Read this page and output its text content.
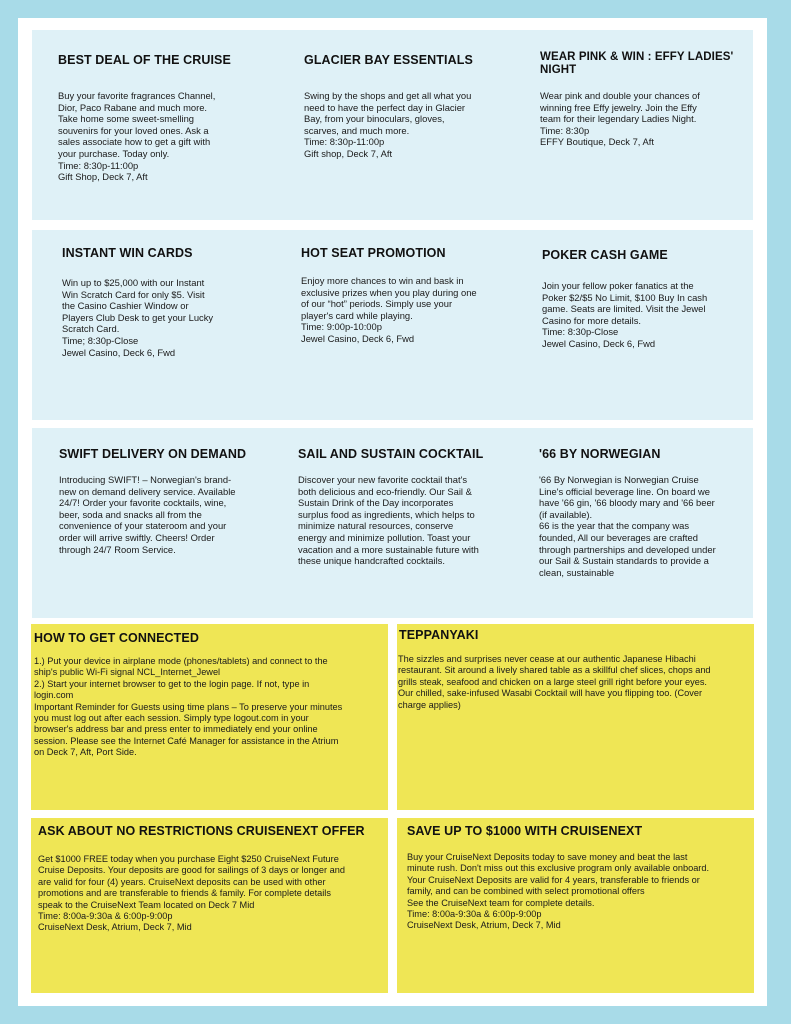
BEST DEAL OF THE CRUISE

Buy your favorite fragrances Channel,
Dior, Paco Rabane and much more.
Take home some sweet-smelling
souvenirs for your loved ones. Ask a
sales associate how to get a gift with
your purchase. Today only.
Time: 8:30p-11:00p
Gift Shop, Deck 7, Aft

GLACIER BAY ESSENTIALS

Swing by the shops and get all what you
need to have the perfect day in Glacier
Bay, from your binoculars, gloves,
scarves, and much more.
Time: 8:30p-11:00p
Gift shop, Deck 7, Aft

WEAR PINK & WIN : EFFY LADIES' NIGHT

Wear pink and double your chances of
winning free Effy jewelry. Join the Effy
team for their legendary Ladies Night.
Time: 8:30p
EFFY Boutique, Deck 7, Aft

INSTANT WIN CARDS

Win up to $25,000 with our Instant
Win Scratch Card for only $5. Visit
the Casino Cashier Window or
Players Club Desk to get your Lucky
Scratch Card.
Time; 8:30p-Close
Jewel Casino, Deck 6, Fwd

HOT SEAT PROMOTION

Enjoy more chances to win and bask in
exclusive prizes when you play during one
of our “hot” periods. Simply use your
player's card while playing.
Time: 9:00p-10:00p
Jewel Casino, Deck 6, Fwd

POKER CASH GAME

Join your fellow poker fanatics at the
Poker $2/$5 No Limit, $100 Buy In cash
game. Seats are limited. Visit the Jewel
Casino for more details.
Time: 8:30p-Close
Jewel Casino, Deck 6, Fwd

SWIFT DELIVERY ON DEMAND

Introducing SWIFT! – Norwegian's brand-
new on demand delivery service. Available
24/7! Order your favorite cocktails, wine,
beer, soda and snacks all from the
convenience of your stateroom and your
order will arrive swiftly. Cheers! Order
through 24/7 Room Service.

SAIL AND SUSTAIN COCKTAIL

Discover your new favorite cocktail that's
both delicious and eco-friendly. Our Sail &
Sustain Drink of the Day incorporates
surplus food as ingredients, which helps to
minimize natural resources, conserve
energy and minimize pollution. Toast your
vacation and a more sustainable future with
these unique handcrafted cocktails.

'66 BY NORWEGIAN

'66 By Norwegian is Norwegian Cruise
Line's official beverage line. On board we
have '66 gin, '66 bloody mary and '66 beer
(if available).
66 is the year that the company was
founded, All our beverages are crafted
through partnerships and developed under
our Sail & Sustain standards to provide a
clean, sustainable

HOW TO GET CONNECTED

1.) Put your device in airplane mode (phones/tablets) and connect to the
ship's public Wi-Fi signal NCL_Internet_Jewel
2.) Start your internet browser to get to the login page. If not, type in
login.com
Important Reminder for Guests using time plans – To preserve your minutes
you must log out after each session. Simply type logout.com in your
browser's address bar and press enter to immediately end your online
session. Please see the Internet Café Manager for assistance in the Atrium
on Deck 7, Aft, Port Side.

TEPPANYAKI

The sizzles and surprises never cease at our authentic Japanese Hibachi
restaurant. Sit around a lively shared table as a skillful chef slices, chops and
grills steak, seafood and chicken on a large steel grill right before your eyes.
Our chilled, sake-infused Wasabi Cocktail will have you flipping too. (Cover
charge applies)

ASK ABOUT NO RESTRICTIONS CRUISENEXT OFFER

Get $1000 FREE today when you purchase Eight $250 CruiseNext Future
Cruise Deposits. Your deposits are good for sailings of 3 days or longer and
are valid for four (4) years. CruiseNext deposits can be used with other
promotions and are transferable to friends & family. For complete details
speak to the CruiseNext Team located on Deck 7 Mid
Time: 8:00a-9:30a & 6:00p-9:00p
CruiseNext Desk, Atrium, Deck 7, Mid

SAVE UP TO $1000 WITH CRUISENEXT

Buy your CruiseNext Deposits today to save money and beat the last
minute rush. Don't miss out this exclusive program only available onboard.
Your CruiseNext Deposits are valid for 4 years, transferable to friends or
family, and can be combined with select promotional offers
See the CruiseNext team for complete details.
Time: 8:00a-9:30a & 6:00p-9:00p
CruiseNext Desk, Atrium, Deck 7, Mid
